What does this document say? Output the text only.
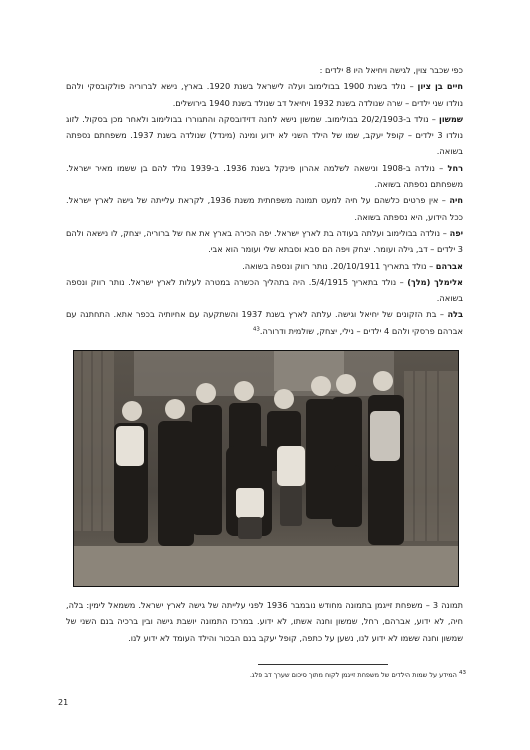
כפי שכבר צוין, לגישה ויחיאל היו 8 ילדים :

חיים בן ציון – נולד בשנת 1900 בבולימוב ועלה לישראל בשנת 1920. בארץ, נישא לברוריה פולקובסקי ולהם נולדו שני ילדים – שרה שנולדה בשנת 1932 ויחיאל דב שנולד בשנת 1940 בירושלים.

שמשון – נולד ב-20/2/1903 בבולימוב. שמשון נישא לחנה דזידובסקה והתגוררו בבולימוב ולאחר מכן בסקול. לזוג נולדו 3 ילדים – קופל יעקב, שמו של הילד השני לא ידוע ומינה (מינדל) שנולדה בשנת 1937. משפחתם נספתה בשואה.

רחל – נולדה ב-1908 ונישאה לשלמה אהרון פינקל בשנת 1936. ב-1939 נולד להם בן ששמו מאיר ישראל. משפחתם נספתה בשואה.

חיה – אין פרטים כלשהם על חיה למעט תמונה משפחתית משנת 1936, לקראת עלייתה של גישה לארץ ישראל. ככל הידוע, היא נספתה בשואה.

יפה – נולדה בבולימוב ועלתה בעודה בת לארץ ישראל. יפה הכירה בארץ את אח של ברוריה, יצחק, לו נישאה ולהם 3 ילדים – דב, גילה ועומר. יצחק ויפה הם סבא וסבתא שלי ועומר הוא אבי.

אברהם – נולד בתאריך 20/10/1911. נותר רווק ונספה בשואה.

אלימלך (מלך) – נולד בתאריך 5/4/1915. היה בתהליך הכשרה במטרה לעלות לארץ ישראל. נותר רווק ונספה בשואה.

בלה – בת הזקונים של יחיאל וגישה. עלתה לארץ בשנת 1937 והשתקעה עם אחיותיה בכפר אתא. התחתנה עם אברהם פרסקי ולהם 4 ילדים – נילי, יצחק, שולמית ודרורה.$^{43}$

תמונה 3 – משפחת זייגמן בתמונה מחודש נובמבר 1936 לפני עלייתה של גישה לארץ ישראל. משמאל לימין: בלה, חיה, לא ידוע, אברהם, רחל, שמשון וחנה אשתו, לא ידוע. במרכז התמונה יושבת גישה ובין ברכיה בנם השני של שמשון וחנה ששמו לא ידוע לנו, נשען על כתפה, קופל יעקב בנם הבכור והילד העומד לא ידוע לנו.
$^{43}$ המידע על שמות הילדים של משפחת זייגמן לקוח מתוך סיכום שערך דב פלג.
21
